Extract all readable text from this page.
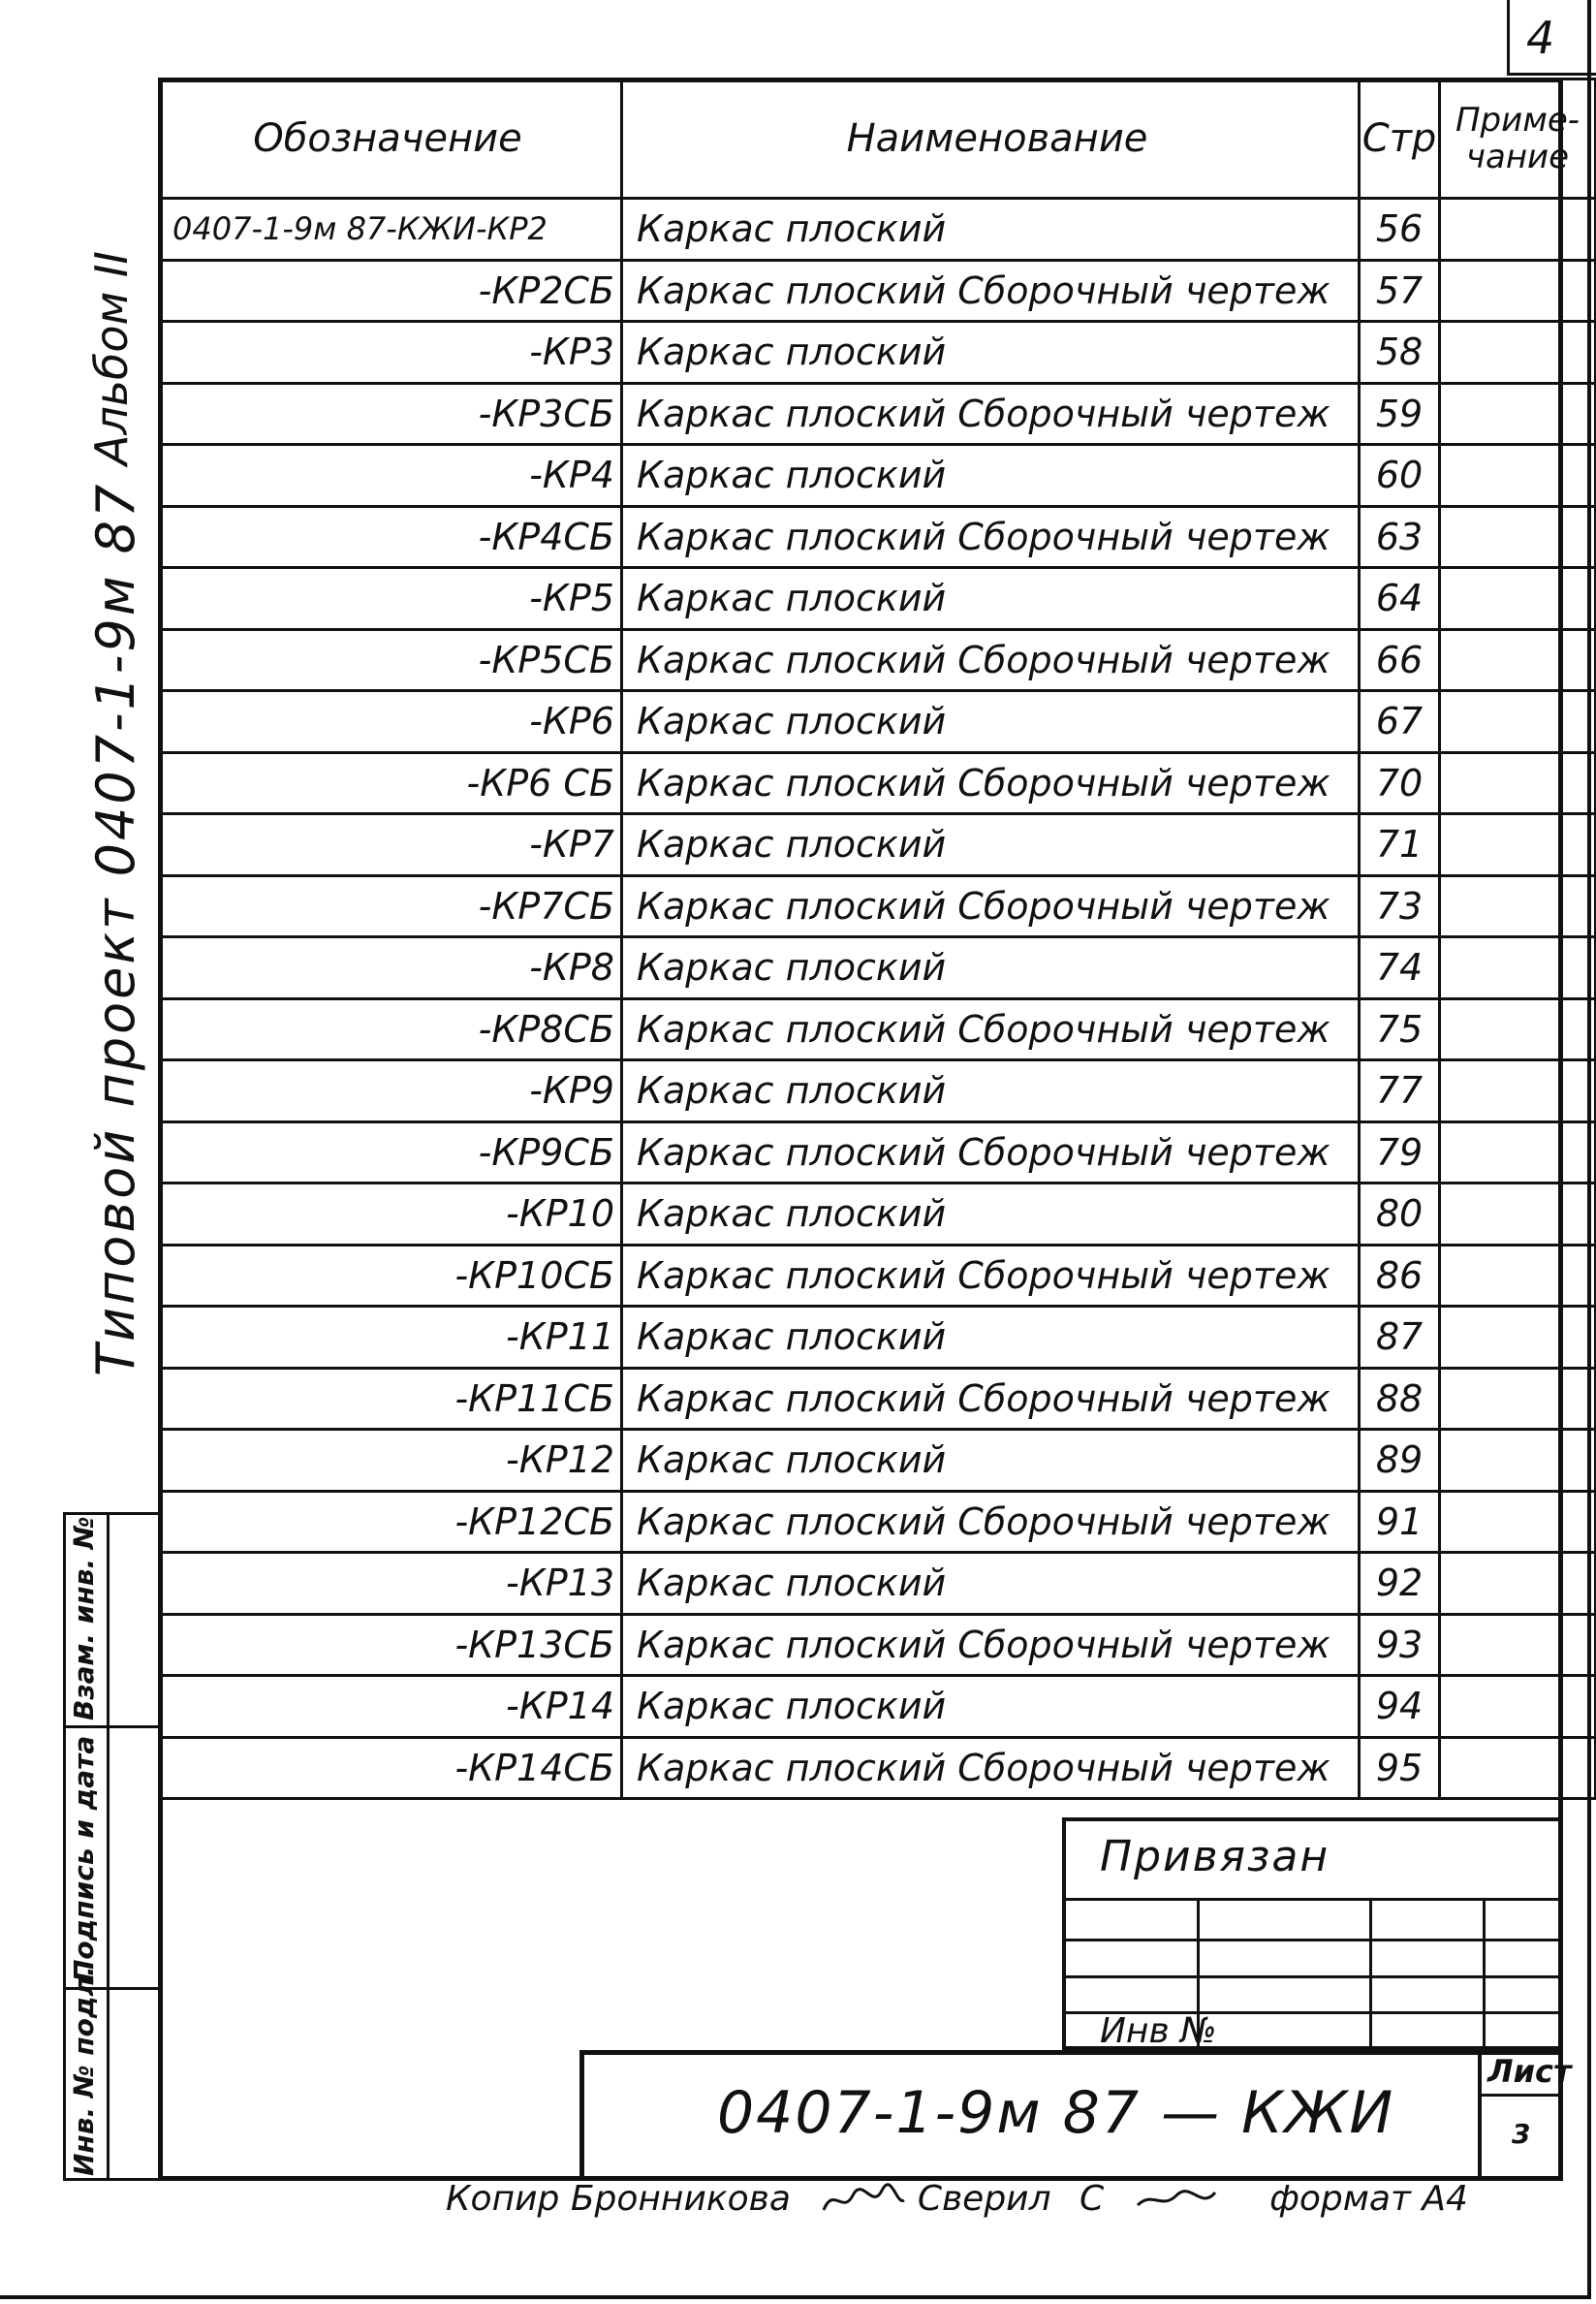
4
Альбом II
Типовой проект 0407-1-9м 87
Обозначение	Наименование	Стр	Приме-чание
0407-1-9м 87-КЖИ-КР2	Каркас плоский	56	
-КР2СБ	Каркас плоский Сборочный чертеж	57	
-КР3	Каркас плоский	58	
-КР3СБ	Каркас плоский Сборочный чертеж	59	
-КР4	Каркас плоский	60	
-КР4СБ	Каркас плоский Сборочный чертеж	63	
-КР5	Каркас плоский	64	
-КР5СБ	Каркас плоский Сборочный чертеж	66	
-КР6	Каркас плоский	67	
-КР6 СБ	Каркас плоский Сборочный чертеж	70	
-КР7	Каркас плоский	71	
-КР7СБ	Каркас плоский Сборочный чертеж	73	
-КР8	Каркас плоский	74	
-КР8СБ	Каркас плоский Сборочный чертеж	75	
-КР9	Каркас плоский	77	
-КР9СБ	Каркас плоский Сборочный чертеж	79	
-КР10	Каркас плоский	80	
-КР10СБ	Каркас плоский Сборочный чертеж	86	
-КР11	Каркас плоский	87	
-КР11СБ	Каркас плоский Сборочный чертеж	88	
-КР12	Каркас плоский	89	
-КР12СБ	Каркас плоский Сборочный чертеж	91	
-КР13	Каркас плоский	92	
-КР13СБ	Каркас плоский Сборочный чертеж	93	
-КР14	Каркас плоский	94	
-КР14СБ	Каркас плоский Сборочный чертеж	95	
Взам. инв. №
Подпись и дата
Инв. № подл.
Привязан
Инв №
0407-1-9м 87 — КЖИ
Лист
3
Копир Бронникова	Сверил С	формат А4
